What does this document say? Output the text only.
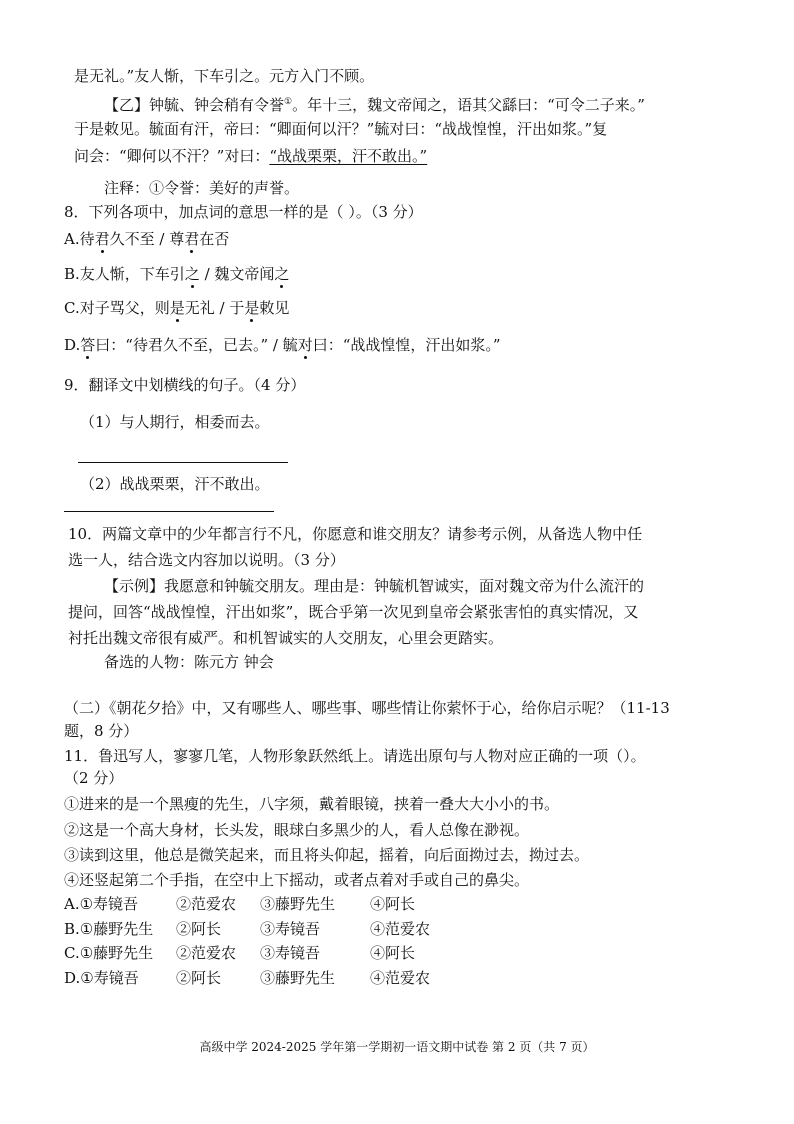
是无礼。”友人惭，下车引之。元方入门不顾。
【乙】钟毓、钟会稍有令誉①。年十三，魏文帝闻之，语其父繇曰：“可令二子来。”
于是敕见。毓面有汗，帝曰：“卿面何以汗？”毓对曰：“战战惶惶，汗出如浆。”复
问会：“卿何以不汗？”对曰：“战战栗栗，汗不敢出。”
注释：①令誉：美好的声誉。
8．下列各项中，加点词的意思一样的是（ ）。（3 分）
A.待君久不至 / 尊君在否
B.友人惭，下车引之 / 魏文帝闻之
C.对子骂父，则是无礼 / 于是敕见
D.答曰：“待君久不至，已去。” / 毓对曰：“战战惶惶，汗出如浆。”
9．翻译文中划横线的句子。（4 分）
（1）与人期行，相委而去。
（2）战战栗栗，汗不敢出。
10．两篇文章中的少年都言行不凡，你愿意和谁交朋友？请参考示例，从备选人物中任
选一人，结合选文内容加以说明。（3 分）
【示例】我愿意和钟毓交朋友。理由是：钟毓机智诚实，面对魏文帝为什么流汗的
提问，回答“战战惶惶，汗出如浆”，既合乎第一次见到皇帝会紧张害怕的真实情况，又
衬托出魏文帝很有威严。和机智诚实的人交朋友，心里会更踏实。
备选的人物：陈元方 钟会
（二）《朝花夕拾》中，又有哪些人、哪些事、哪些情让你萦怀于心，给你启示呢？（11-13
题，8 分）
11．鲁迅写人，寥寥几笔，人物形象跃然纸上。请选出原句与人物对应正确的一项（）。
（2 分）
①进来的是一个黑瘦的先生，八字须，戴着眼镜，挟着一叠大大小小的书。
②这是一个高大身材，长头发，眼球白多黑少的人，看人总像在渺视。
③读到这里，他总是微笑起来，而且将头仰起，摇着，向后面拗过去，拗过去。
④还竖起第二个手指，在空中上下摇动，或者点着对手或自己的鼻尖。
A.①寿镜吾	②范爱农 ③藤野先生 ④阿长
B.①藤野先生 ②阿长	③寿镜吾	④范爱农
C.①藤野先生 ②范爱农 ③寿镜吾	④阿长
D.①寿镜吾 ②阿长	③藤野先生 ④范爱农
高级中学 2024-2025 学年第一学期初一语文期中试卷 第 2 页（共 7 页）
